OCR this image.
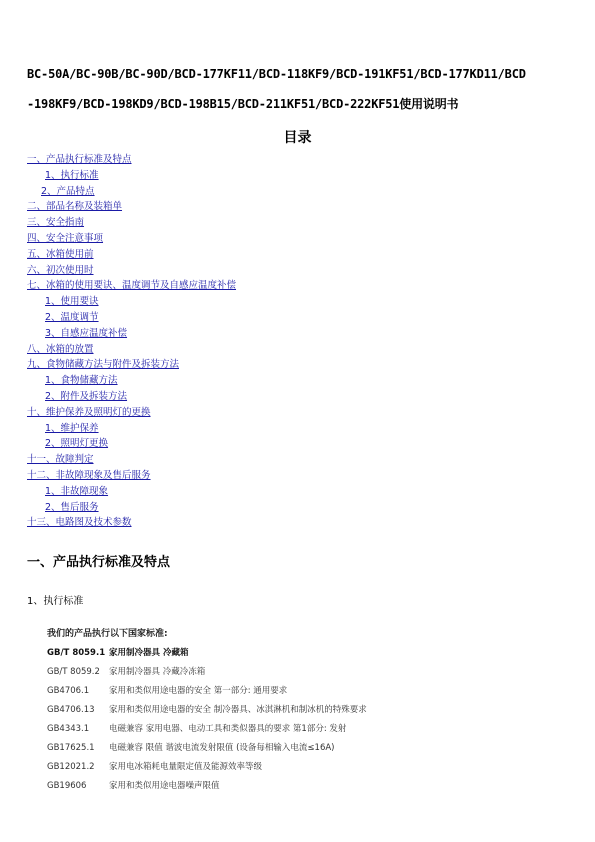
BC-50A/BC-90B/BC-90D/BCD-177KF11/BCD-118KF9/BCD-191KF51/BCD-177KD11/BCD
-198KF9/BCD-198KD9/BCD-198B15/BCD-211KF51/BCD-222KF51使用说明书
目录
一、产品执行标准及特点
1、执行标准
2、产品特点
二、部品名称及装箱单
三、安全指南
四、安全注意事项
五、冰箱使用前
六、初次使用时
七、冰箱的使用要诀、温度调节及自感应温度补偿
1、使用要诀
2、温度调节
3、自感应温度补偿
八、冰箱的放置
九、食物储藏方法与附件及拆装方法
1、食物储藏方法
2、附件及拆装方法
十、维护保养及照明灯的更换
1、维护保养
2、照明灯更换
十一、故障判定
十二、非故障现象及售后服务
1、非故障现象
2、售后服务
十三、电路图及技术参数
一、产品执行标准及特点
1、执行标准
我们的产品执行以下国家标准:
GB/T 8059.1 家用制冷器具 冷藏箱
GB/T 8059.2	家用制冷器具 冷藏冷冻箱
GB4706.1	家用和类似用途电器的安全 第一部分: 通用要求
GB4706.13	家用和类似用途电器的安全 制冷器具、冰淇淋机和制冰机的特殊要求
GB4343.1	电磁兼容 家用电器、电动工具和类似器具的要求 第1部分: 发射
GB17625.1	电磁兼容 限值 谐波电流发射限值 (设备每相输入电流≤16A)
GB12021.2	家用电冰箱耗电量限定值及能源效率等级
GB19606	家用和类似用途电器噪声限值
